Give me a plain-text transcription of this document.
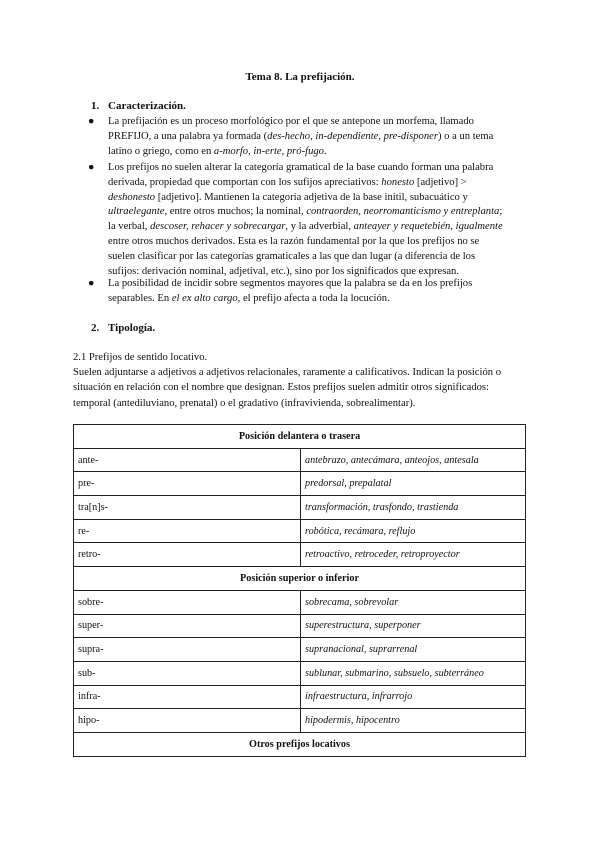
Tema 8. La prefijación.
1. Caracterización.
● La prefijación es un proceso morfológico por el que se antepone un morfema, llamado
PREFIJO, a una palabra ya formada (des-hecho, in-dependiente, pre-disponer) o a un tema
latino o griego, como en a-morfo, in-erte, pró-fugo.
● Los prefijos no suelen alterar la categoría gramatical de la base cuando forman una palabra
derivada, propiedad que comportan con los sufijos apreciativos: honesto [adjetivo] >
deshonesto [adjetivo]. Mantienen la categoría adjetiva de la base initil, subacuático y
ultraelegante, entre otros muchos; la nominal, contraorden, neorromanticismo y entreplanta;
la verbal, descoser, rehacer y sobrecargar, y la adverbial, anteayer y requetebién, igualmente
entre otros muchos derivados. Esta es la razón fundamental por la que los prefijos no se
suelen clasificar por las categorías gramaticales a las que dan lugar (a diferencia de los
sufijos: derivación nominal, adjetival, etc.), sino por los significados que expresan.
● La posibilidad de incidir sobre segmentos mayores que la palabra se da en los prefijos
separables. En el ex alto cargo, el prefijo afecta a toda la locución.
2. Tipología.
2.1 Prefijos de sentido locativo.
Suelen adjuntarse a adjetivos a adjetivos relacionales, raramente a calificativos. Indican la posición o
situación en relación con el nombre que designan. Estos prefijos suelen admitir otros significados:
temporal (antediluviano, prenatal) o el gradativo (infravivienda, sobrealimentar).
Posición delantera o trasera	
ante-	antebrazo, antecámara, anteojos, antesala
pre-	predorsal, prepalatal
tra[n]s-	transformación, trasfondo, trastienda
re-	robótica, recámara, reflujo
retro-	retroactivo, retroceder, retroproyector
Posición superior o inferior	
sobre-	sobrecama, sobrevolar
super-	superestructura, superponer
supra-	supranacional, suprarrenal
sub-	sublunar, submarino, subsuelo, subterráneo
infra-	infraestructura, infrarrojo
hipo-	hipodermis, hipocentro
Otros prefijos locativos	
